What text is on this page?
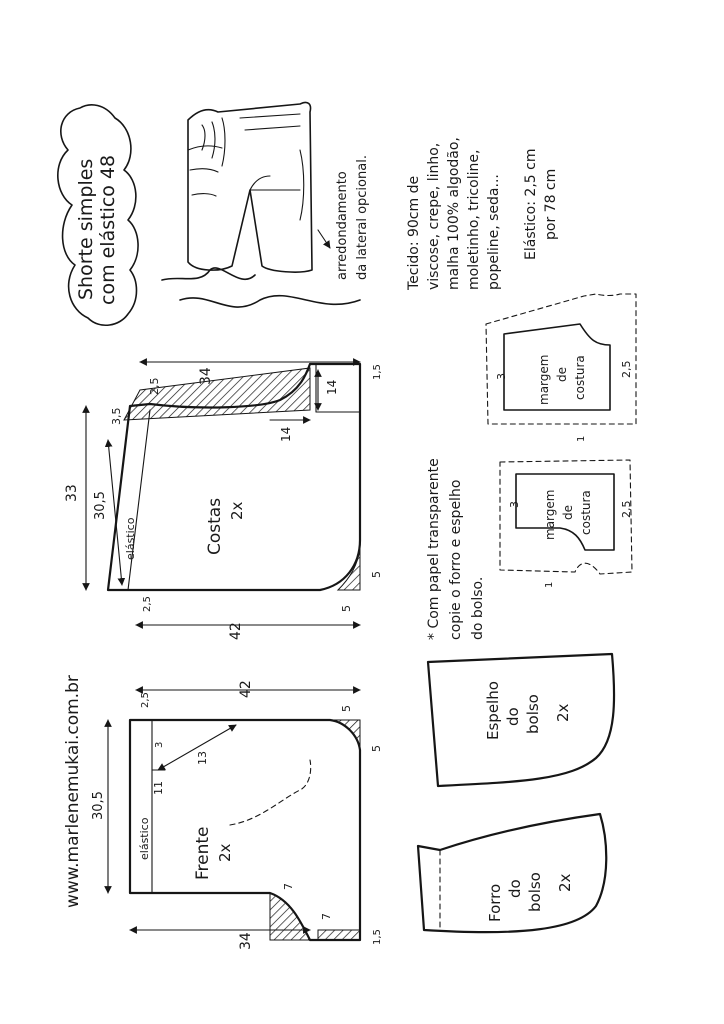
Shorte simples com elástico 48	arredondamento da lateral opcional.	Tecido: 90cm de viscose, crepe, linho, malha 100% algodão, moletinho, tricoline, popeline, seda... Elástico: 2,5 cm por 78 cm
Costas 2x
elástico
34
33 30,5
3,5
2,5
14
14
1,5
42
2,5	5
5
Frente 2x
elástico
42
2,5
3
11
13
30,5
34
5
5
7
7
1,5
www.marlenemukai.com.br
* Com papel transparente copie o forro e espelho do bolso.
margem de costura
3	2,5
1
margem de costura
3	2,5
1
Espelho do bolso 2x
Forro do bolso 2x
